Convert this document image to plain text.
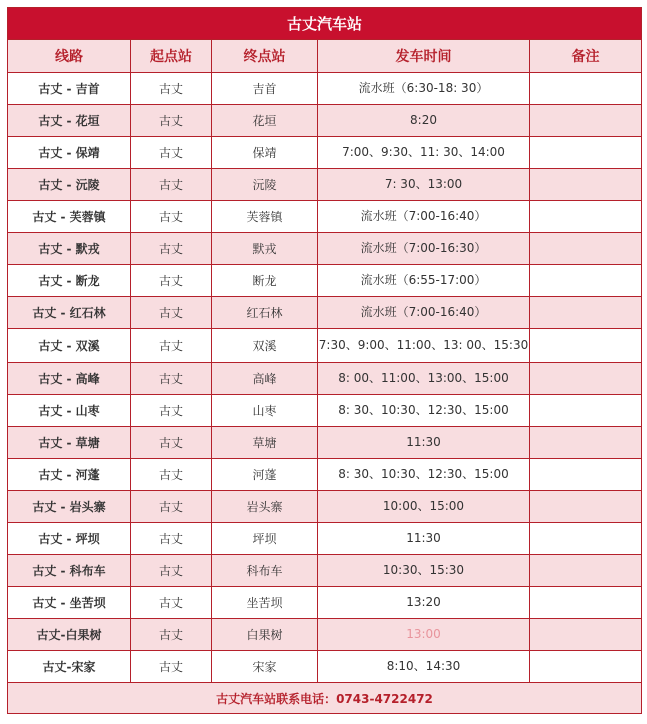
古丈汽车站				
线路	起点站	终点站	发车时间	备注
古丈 - 吉首	古丈	吉首	流水班（6:30-18: 30）	
古丈 - 花垣	古丈	花垣	8:20	
古丈 - 保靖	古丈	保靖	7:00、9:30、11: 30、14:00	
古丈 - 沅陵	古丈	沅陵	7: 30、13:00	
古丈 - 芙蓉镇	古丈	芙蓉镇	流水班（7:00-16:40）	
古丈 - 默戎	古丈	默戎	流水班（7:00-16:30）	
古丈 - 断龙	古丈	断龙	流水班（6:55-17:00）	
古丈 - 红石林	古丈	红石林	流水班（7:00-16:40）	
古丈 - 双溪	古丈	双溪	7:30、9:00、11:00、13: 00、15:30	
古丈 - 高峰	古丈	高峰	8: 00、11:00、13:00、15:00	
古丈 - 山枣	古丈	山枣	8: 30、10:30、12:30、15:00	
古丈 - 草塘	古丈	草塘	11:30	
古丈 - 河蓬	古丈	河蓬	8: 30、10:30、12:30、15:00	
古丈 - 岩头寨	古丈	岩头寨	10:00、15:00	
古丈 - 坪坝	古丈	坪坝	11:30	
古丈 - 科布车	古丈	科布车	10:30、15:30	
古丈 - 坐苦坝	古丈	坐苦坝	13:20	
古丈-白果树	古丈	白果树	13:00	
古丈-宋家	古丈	宋家	8:10、14:30	
古丈汽车站联系电话：0743-4722472				
